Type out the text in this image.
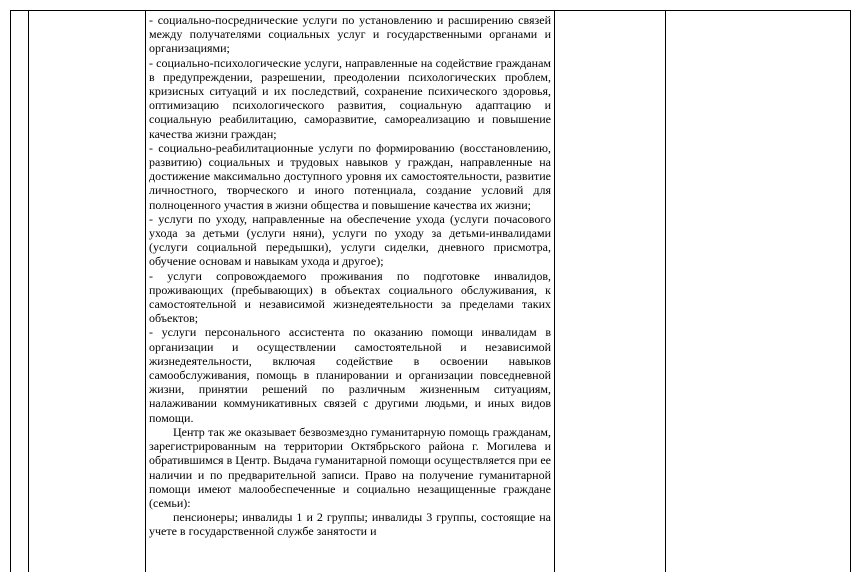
- социально-посреднические услуги по установлению и расширению связей между получателями социальных услуг и государственными органами и организациями;

- социально-психологические услуги, направленные на содействие гражданам в предупреждении, разрешении, преодолении психологических проблем, кризисных ситуаций и их последствий, сохранение психического здоровья, оптимизацию психологического развития, социальную адаптацию и социальную реабилитацию, саморазвитие, самореализацию и повышение качества жизни граждан;

- социально-реабилитационные услуги по формированию (восстановлению, развитию) социальных и трудовых навыков у граждан, направленные на достижение максимально доступного уровня их самостоятельности, развитие личностного, творческого и иного потенциала, создание условий для полноценного участия в жизни общества и повышение качества их жизни;

- услуги по уходу, направленные на обеспечение ухода (услуги почасового ухода за детьми (услуги няни), услуги по уходу за детьми-инвалидами (услуги социальной передышки), услуги сиделки, дневного присмотра, обучение основам и навыкам ухода и другое);

- услуги сопровождаемого проживания по подготовке инвалидов, проживающих (пребывающих) в объектах социального обслуживания, к самостоятельной и независимой жизнедеятельности за пределами таких объектов;

- услуги персонального ассистента по оказанию помощи инвалидам в организации и осуществлении самостоятельной и независимой жизнедеятельности, включая содействие в освоении навыков самообслуживания, помощь в планировании и организации повседневной жизни, принятии решений по различным жизненным ситуациям, налаживании коммуникативных связей с другими людьми, и иных видов помощи.

Центр так же оказывает безвозмездно гуманитарную помощь гражданам, зарегистрированным на территории Октябрьского района г. Могилева и обратившимся в Центр. Выдача гуманитарной помощи осуществляется при ее наличии и по предварительной записи. Право на получение гуманитарной помощи имеют малообеспеченные и социально незащищенные граждане (семьи):

пенсионеры; инвалиды 1 и 2 группы; инвалиды 3 группы, состоящие на учете в государственной службе занятости и
